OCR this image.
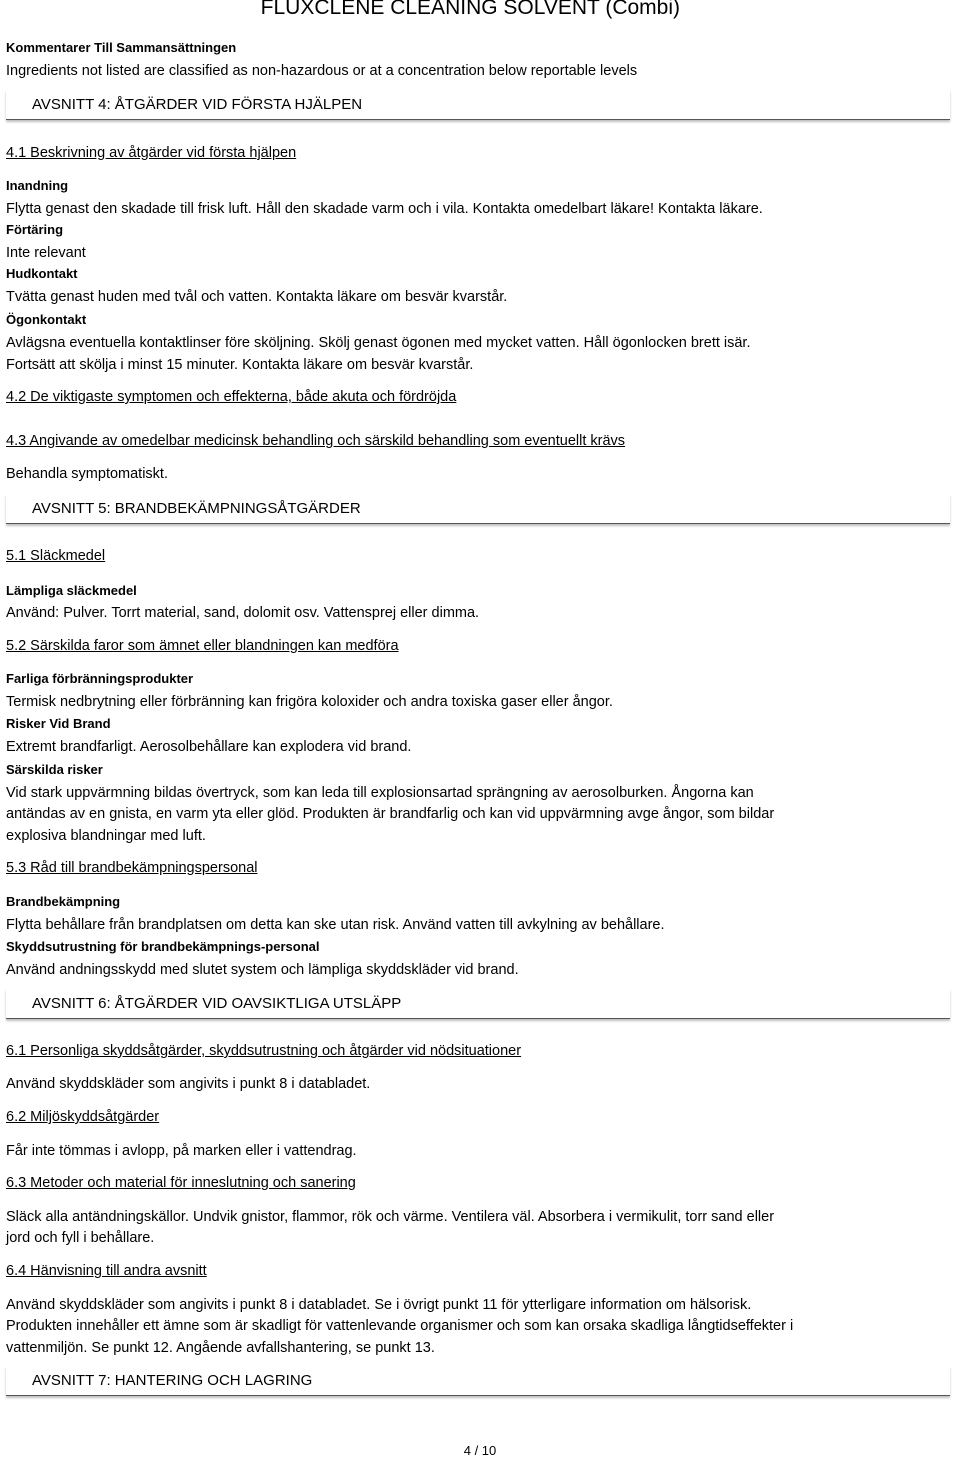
FLUXCLENE CLEANING SOLVENT (Combi)
Kommentarer Till Sammansättningen
Ingredients not listed are classified as non-hazardous or at a concentration below reportable levels
AVSNITT 4: ÅTGÄRDER VID FÖRSTA HJÄLPEN
4.1 Beskrivning av åtgärder vid första hjälpen
Inandning
Flytta genast den skadade till frisk luft. Håll den skadade varm och i vila. Kontakta omedelbart läkare! Kontakta läkare.
Förtäring
Inte relevant
Hudkontakt
Tvätta genast huden med tvål och vatten. Kontakta läkare om besvär kvarstår.
Ögonkontakt
Avlägsna eventuella kontaktlinser före sköljning. Skölj genast ögonen med mycket vatten. Håll ögonlocken brett isär.
Fortsätt att skölja i minst 15 minuter. Kontakta läkare om besvär kvarstår.
4.2 De viktigaste symptomen och effekterna, både akuta och fördröjda
4.3 Angivande av omedelbar medicinsk behandling och särskild behandling som eventuellt krävs
Behandla symptomatiskt.
AVSNITT 5: BRANDBEKÄMPNINGSÅTGÄRDER
5.1 Släckmedel
Lämpliga släckmedel
Använd: Pulver. Torrt material, sand, dolomit osv. Vattensprej eller dimma.
5.2 Särskilda faror som ämnet eller blandningen kan medföra
Farliga förbränningsprodukter
Termisk nedbrytning eller förbränning kan frigöra koloxider och andra toxiska gaser eller ångor.
Risker Vid Brand
Extremt brandfarligt. Aerosolbehållare kan explodera vid brand.
Särskilda risker
Vid stark uppvärmning bildas övertryck, som kan leda till explosionsartad sprängning av aerosolburken. Ångorna kan
antändas av en gnista, en varm yta eller glöd. Produkten är brandfarlig och kan vid uppvärmning avge ångor, som bildar
explosiva blandningar med luft.
5.3 Råd till brandbekämpningspersonal
Brandbekämpning
Flytta behållare från brandplatsen om detta kan ske utan risk. Använd vatten till avkylning av behållare.
Skyddsutrustning för brandbekämpnings-personal
Använd andningsskydd med slutet system och lämpliga skyddskläder vid brand.
AVSNITT 6: ÅTGÄRDER VID OAVSIKTLIGA UTSLÄPP
6.1 Personliga skyddsåtgärder, skyddsutrustning och åtgärder vid nödsituationer
Använd skyddskläder som angivits i punkt 8 i databladet.
6.2 Miljöskyddsåtgärder
Får inte tömmas i avlopp, på marken eller i vattendrag.
6.3 Metoder och material för inneslutning och sanering
Släck alla antändningskällor. Undvik gnistor, flammor, rök och värme. Ventilera väl. Absorbera i vermikulit, torr sand eller
jord och fyll i behållare.
6.4 Hänvisning till andra avsnitt
Använd skyddskläder som angivits i punkt 8 i databladet. Se i övrigt punkt 11 för ytterligare information om hälsorisk.
Produkten innehåller ett ämne som är skadligt för vattenlevande organismer och som kan orsaka skadliga långtidseffekter i
vattenmiljön. Se punkt 12. Angående avfallshantering, se punkt 13.
AVSNITT 7: HANTERING OCH LAGRING
4 / 10
